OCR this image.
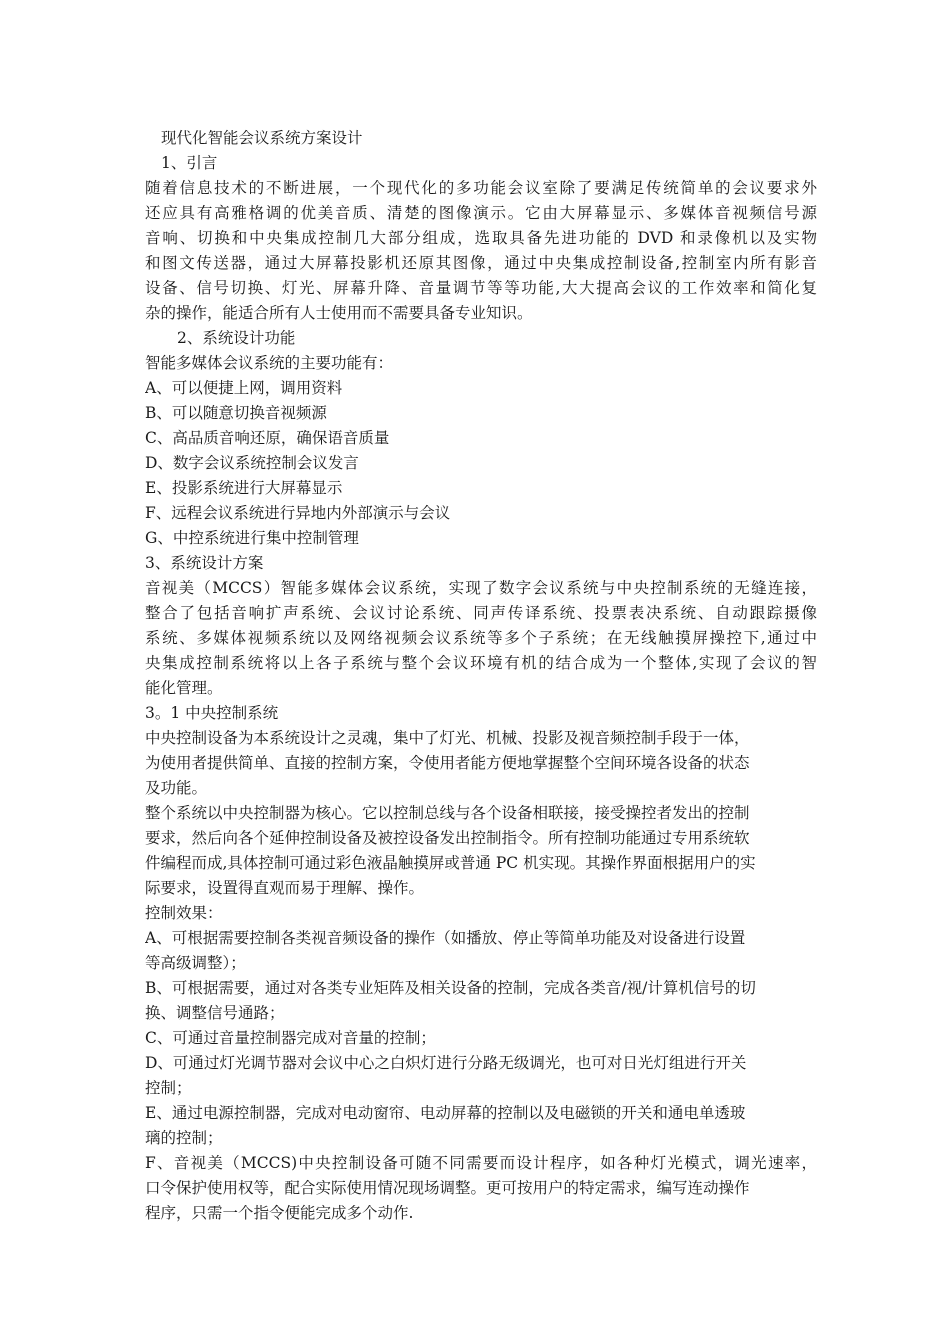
现代化智能会议系统方案设计
1、引言
随着信息技术的不断进展，一个现代化的多功能会议室除了要满足传统简单的会议要求外
还应具有高雅格调的优美音质、清楚的图像演示。它由大屏幕显示、多媒体音视频信号源
音响、切换和中央集成控制几大部分组成，选取具备先进功能的 DVD 和录像机以及实物
和图文传送器，通过大屏幕投影机还原其图像，通过中央集成控制设备,控制室内所有影音
设备、信号切换、灯光、屏幕升降、音量调节等等功能,大大提高会议的工作效率和简化复
杂的操作，能适合所有人士使用而不需要具备专业知识。
2、系统设计功能
智能多媒体会议系统的主要功能有：
A、可以便捷上网，调用资料
B、可以随意切换音视频源
C、高品质音响还原，确保语音质量
D、数字会议系统控制会议发言
E、投影系统进行大屏幕显示
F、远程会议系统进行异地内外部演示与会议
G、中控系统进行集中控制管理
3、系统设计方案
音视美（MCCS）智能多媒体会议系统，实现了数字会议系统与中央控制系统的无缝连接，
整合了包括音响扩声系统、会议讨论系统、同声传译系统、投票表决系统、自动跟踪摄像
系统、多媒体视频系统以及网络视频会议系统等多个子系统；在无线触摸屏操控下,通过中
央集成控制系统将以上各子系统与整个会议环境有机的结合成为一个整体,实现了会议的智
能化管理。
3。1 中央控制系统
中央控制设备为本系统设计之灵魂，集中了灯光、机械、投影及视音频控制手段于一体，
为使用者提供简单、直接的控制方案，令使用者能方便地掌握整个空间环境各设备的状态
及功能。
整个系统以中央控制器为核心。它以控制总线与各个设备相联接，接受操控者发出的控制
要求，然后向各个延伸控制设备及被控设备发出控制指令。所有控制功能通过专用系统软
件编程而成,具体控制可通过彩色液晶触摸屏或普通 PC 机实现。其操作界面根据用户的实
际要求，设置得直观而易于理解、操作。
控制效果：
A、可根据需要控制各类视音频设备的操作（如播放、停止等简单功能及对设备进行设置
等高级调整）；
B、可根据需要，通过对各类专业矩阵及相关设备的控制，完成各类音/视/计算机信号的切
换、调整信号通路；
C、可通过音量控制器完成对音量的控制；
D、可通过灯光调节器对会议中心之白炽灯进行分路无级调光，也可对日光灯组进行开关
控制；
E、通过电源控制器，完成对电动窗帘、电动屏幕的控制以及电磁锁的开关和通电单透玻
璃的控制；
F、音视美（MCCS)中央控制设备可随不同需要而设计程序，如各种灯光模式，调光速率，
口令保护使用权等，配合实际使用情况现场调整。更可按用户的特定需求，编写连动操作
程序，只需一个指令便能完成多个动作.
